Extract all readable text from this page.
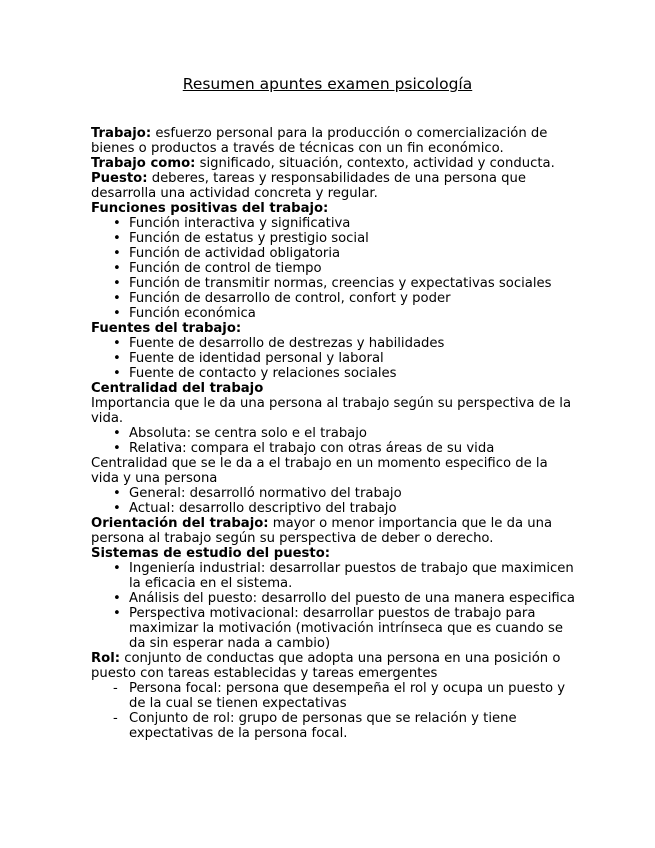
Resumen apuntes examen psicología

Trabajo: esfuerzo personal para la producción o comercialización de bienes o productos a través de técnicas con un fin económico.

Trabajo como: significado, situación, contexto, actividad y conducta.

Puesto: deberes, tareas y responsabilidades de una persona que desarrolla una actividad concreta y regular.

Funciones positivas del trabajo:

• Función interactiva y significativa
• Función de estatus y prestigio social
• Función de actividad obligatoria
• Función de control de tiempo
• Función de transmitir normas, creencias y expectativas sociales
• Función de desarrollo de control, confort y poder
• Función económica

Fuentes del trabajo:

• Fuente de desarrollo de destrezas y habilidades
• Fuente de identidad personal y laboral
• Fuente de contacto y relaciones sociales

Centralidad del trabajo

Importancia que le da una persona al trabajo según su perspectiva de la vida.

• Absoluta: se centra solo e el trabajo
• Relativa: compara el trabajo con otras áreas de su vida

Centralidad que se le da a el trabajo en un momento especifico de la vida y una persona

• General: desarrolló normativo del trabajo
• Actual: desarrollo descriptivo del trabajo

Orientación del trabajo: mayor o menor importancia que le da una persona al trabajo según su perspectiva de deber o derecho.

Sistemas de estudio del puesto:

• Ingeniería industrial: desarrollar puestos de trabajo que maximicen la eficacia en el sistema.
• Análisis del puesto: desarrollo del puesto de una manera especifica
• Perspectiva motivacional: desarrollar puestos de trabajo para maximizar la motivación (motivación intrínseca que es cuando se da sin esperar nada a cambio)

Rol: conjunto de conductas que adopta una persona en una posición o puesto con tareas establecidas y tareas emergentes

- Persona focal: persona que desempeña el rol y ocupa un puesto y de la cual se tienen expectativas
- Conjunto de rol: grupo de personas que se relación y tiene expectativas de la persona focal.
